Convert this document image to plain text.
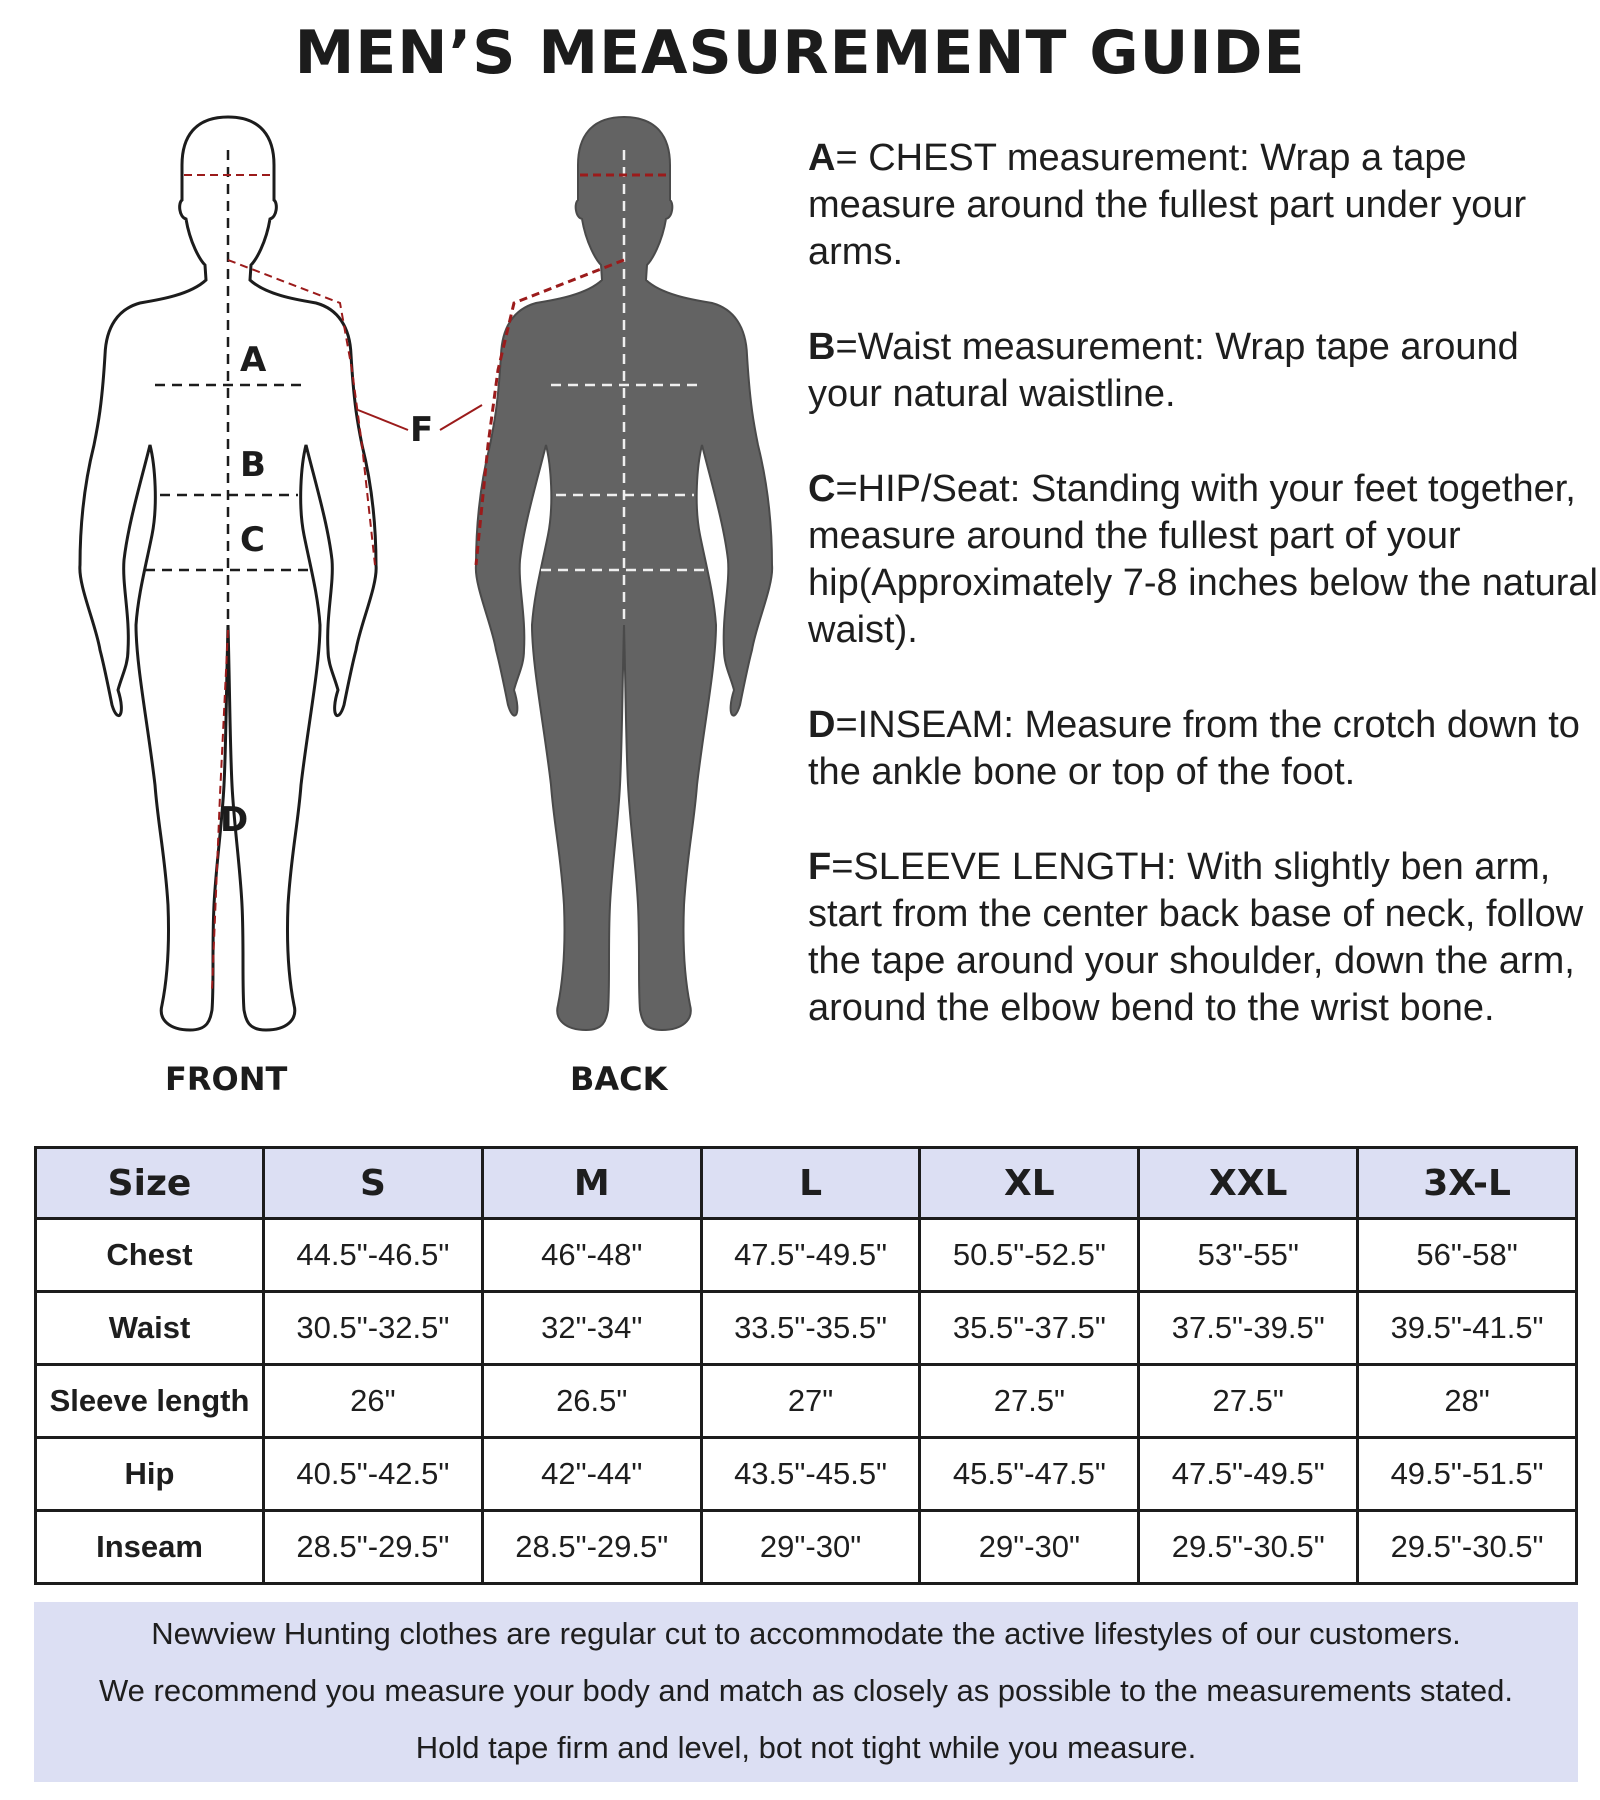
MEN’S MEASUREMENT GUIDE
A
B
C
D
F
FRONT	BACK

A= CHEST measurement: Wrap a tape measure around the fullest part under your arms.

B=Waist measurement: Wrap tape around your natural waistline.

C=HIP/Seat: Standing with your feet together, measure around the fullest part of your hip(Approximately 7-8 inches below the natural waist).

D=INSEAM: Measure from the crotch down to the ankle bone or top of the foot.

F=SLEEVE LENGTH: With slightly ben arm, start from the center back base of neck, follow the tape around your shoulder, down the arm, around the elbow bend to the wrist bone.

Size	S	M	L	XL	XXL	3X-L
Chest	44.5"-46.5"	46"-48"	47.5"-49.5"	50.5"-52.5"	53"-55"	56"-58"
Waist	30.5"-32.5"	32"-34"	33.5"-35.5"	35.5"-37.5"	37.5"-39.5"	39.5"-41.5"
Sleeve length	26"	26.5"	27"	27.5"	27.5"	28"
Hip	40.5"-42.5"	42"-44"	43.5"-45.5"	45.5"-47.5"	47.5"-49.5"	49.5"-51.5"
Inseam	28.5"-29.5"	28.5"-29.5"	29"-30"	29"-30"	29.5"-30.5"	29.5"-30.5"
Newview Hunting clothes are regular cut to accommodate the active lifestyles of our customers.
We recommend you measure your body and match as closely as possible to the measurements stated.
Hold tape firm and level, bot not tight while you measure.
